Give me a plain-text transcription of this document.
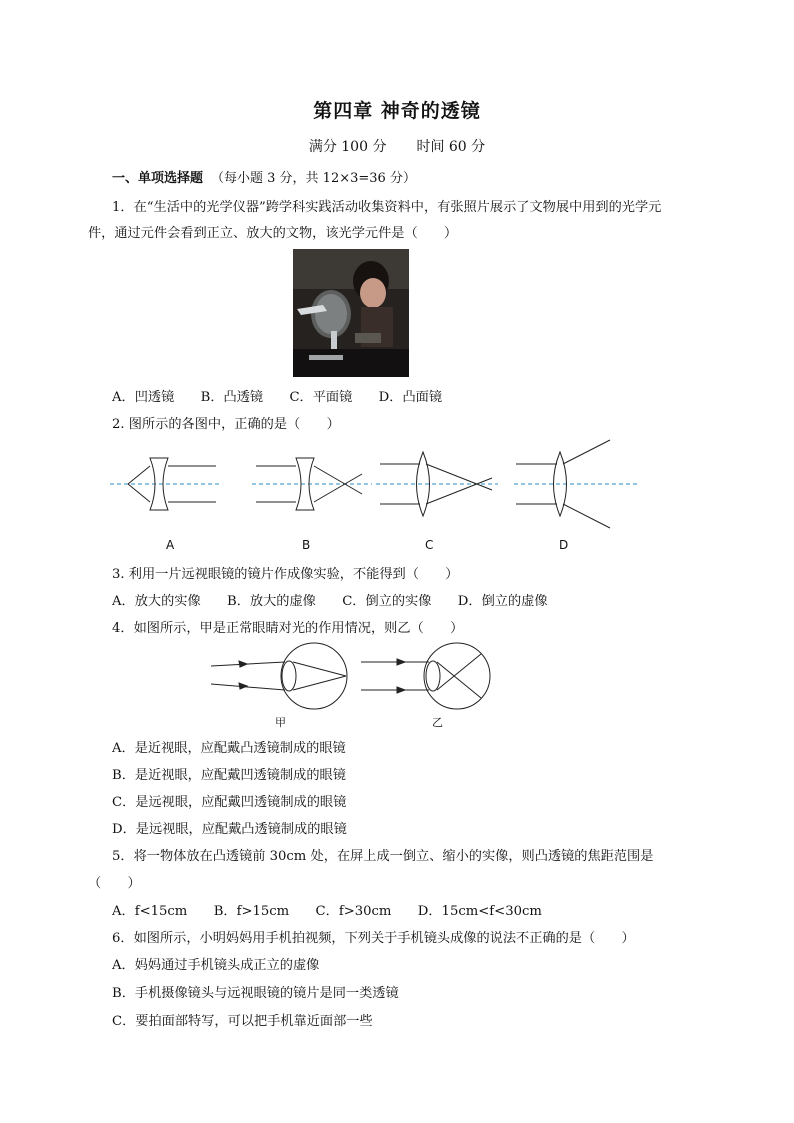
第四章 神奇的透镜
满分 100 分 时间 60 分
一、单项选择题 （每小题 3 分，共 12×3=36 分）
1．在“生活中的光学仪器”跨学科实践活动收集资料中，有张照片展示了文物展中用到的光学元
件，通过元件会看到正立、放大的文物，该光学元件是（　　）
A．凹透镜　　B．凸透镜　　C．平面镜　　D．凸面镜
2. 图所示的各图中，正确的是（　　）
A	B	C	D
3. 利用一片远视眼镜的镜片作成像实验，不能得到（　　）
A．放大的实像　　B．放大的虚像　　C．倒立的实像　　D．倒立的虚像
4．如图所示，甲是正常眼睛对光的作用情况，则乙（　　）
甲	乙
A．是近视眼，应配戴凸透镜制成的眼镜
B．是近视眼，应配戴凹透镜制成的眼镜
C．是远视眼，应配戴凹透镜制成的眼镜
D．是远视眼，应配戴凸透镜制成的眼镜
5．将一物体放在凸透镜前 30cm 处，在屏上成一倒立、缩小的实像，则凸透镜的焦距范围是
（　　）
A．f<15cm　　B．f>15cm　　C．f>30cm　　D．15cm<f<30cm
6．如图所示，小明妈妈用手机拍视频，下列关于手机镜头成像的说法不正确的是（　　）
A．妈妈通过手机镜头成正立的虚像
B．手机摄像镜头与远视眼镜的镜片是同一类透镜
C．要拍面部特写，可以把手机靠近面部一些
